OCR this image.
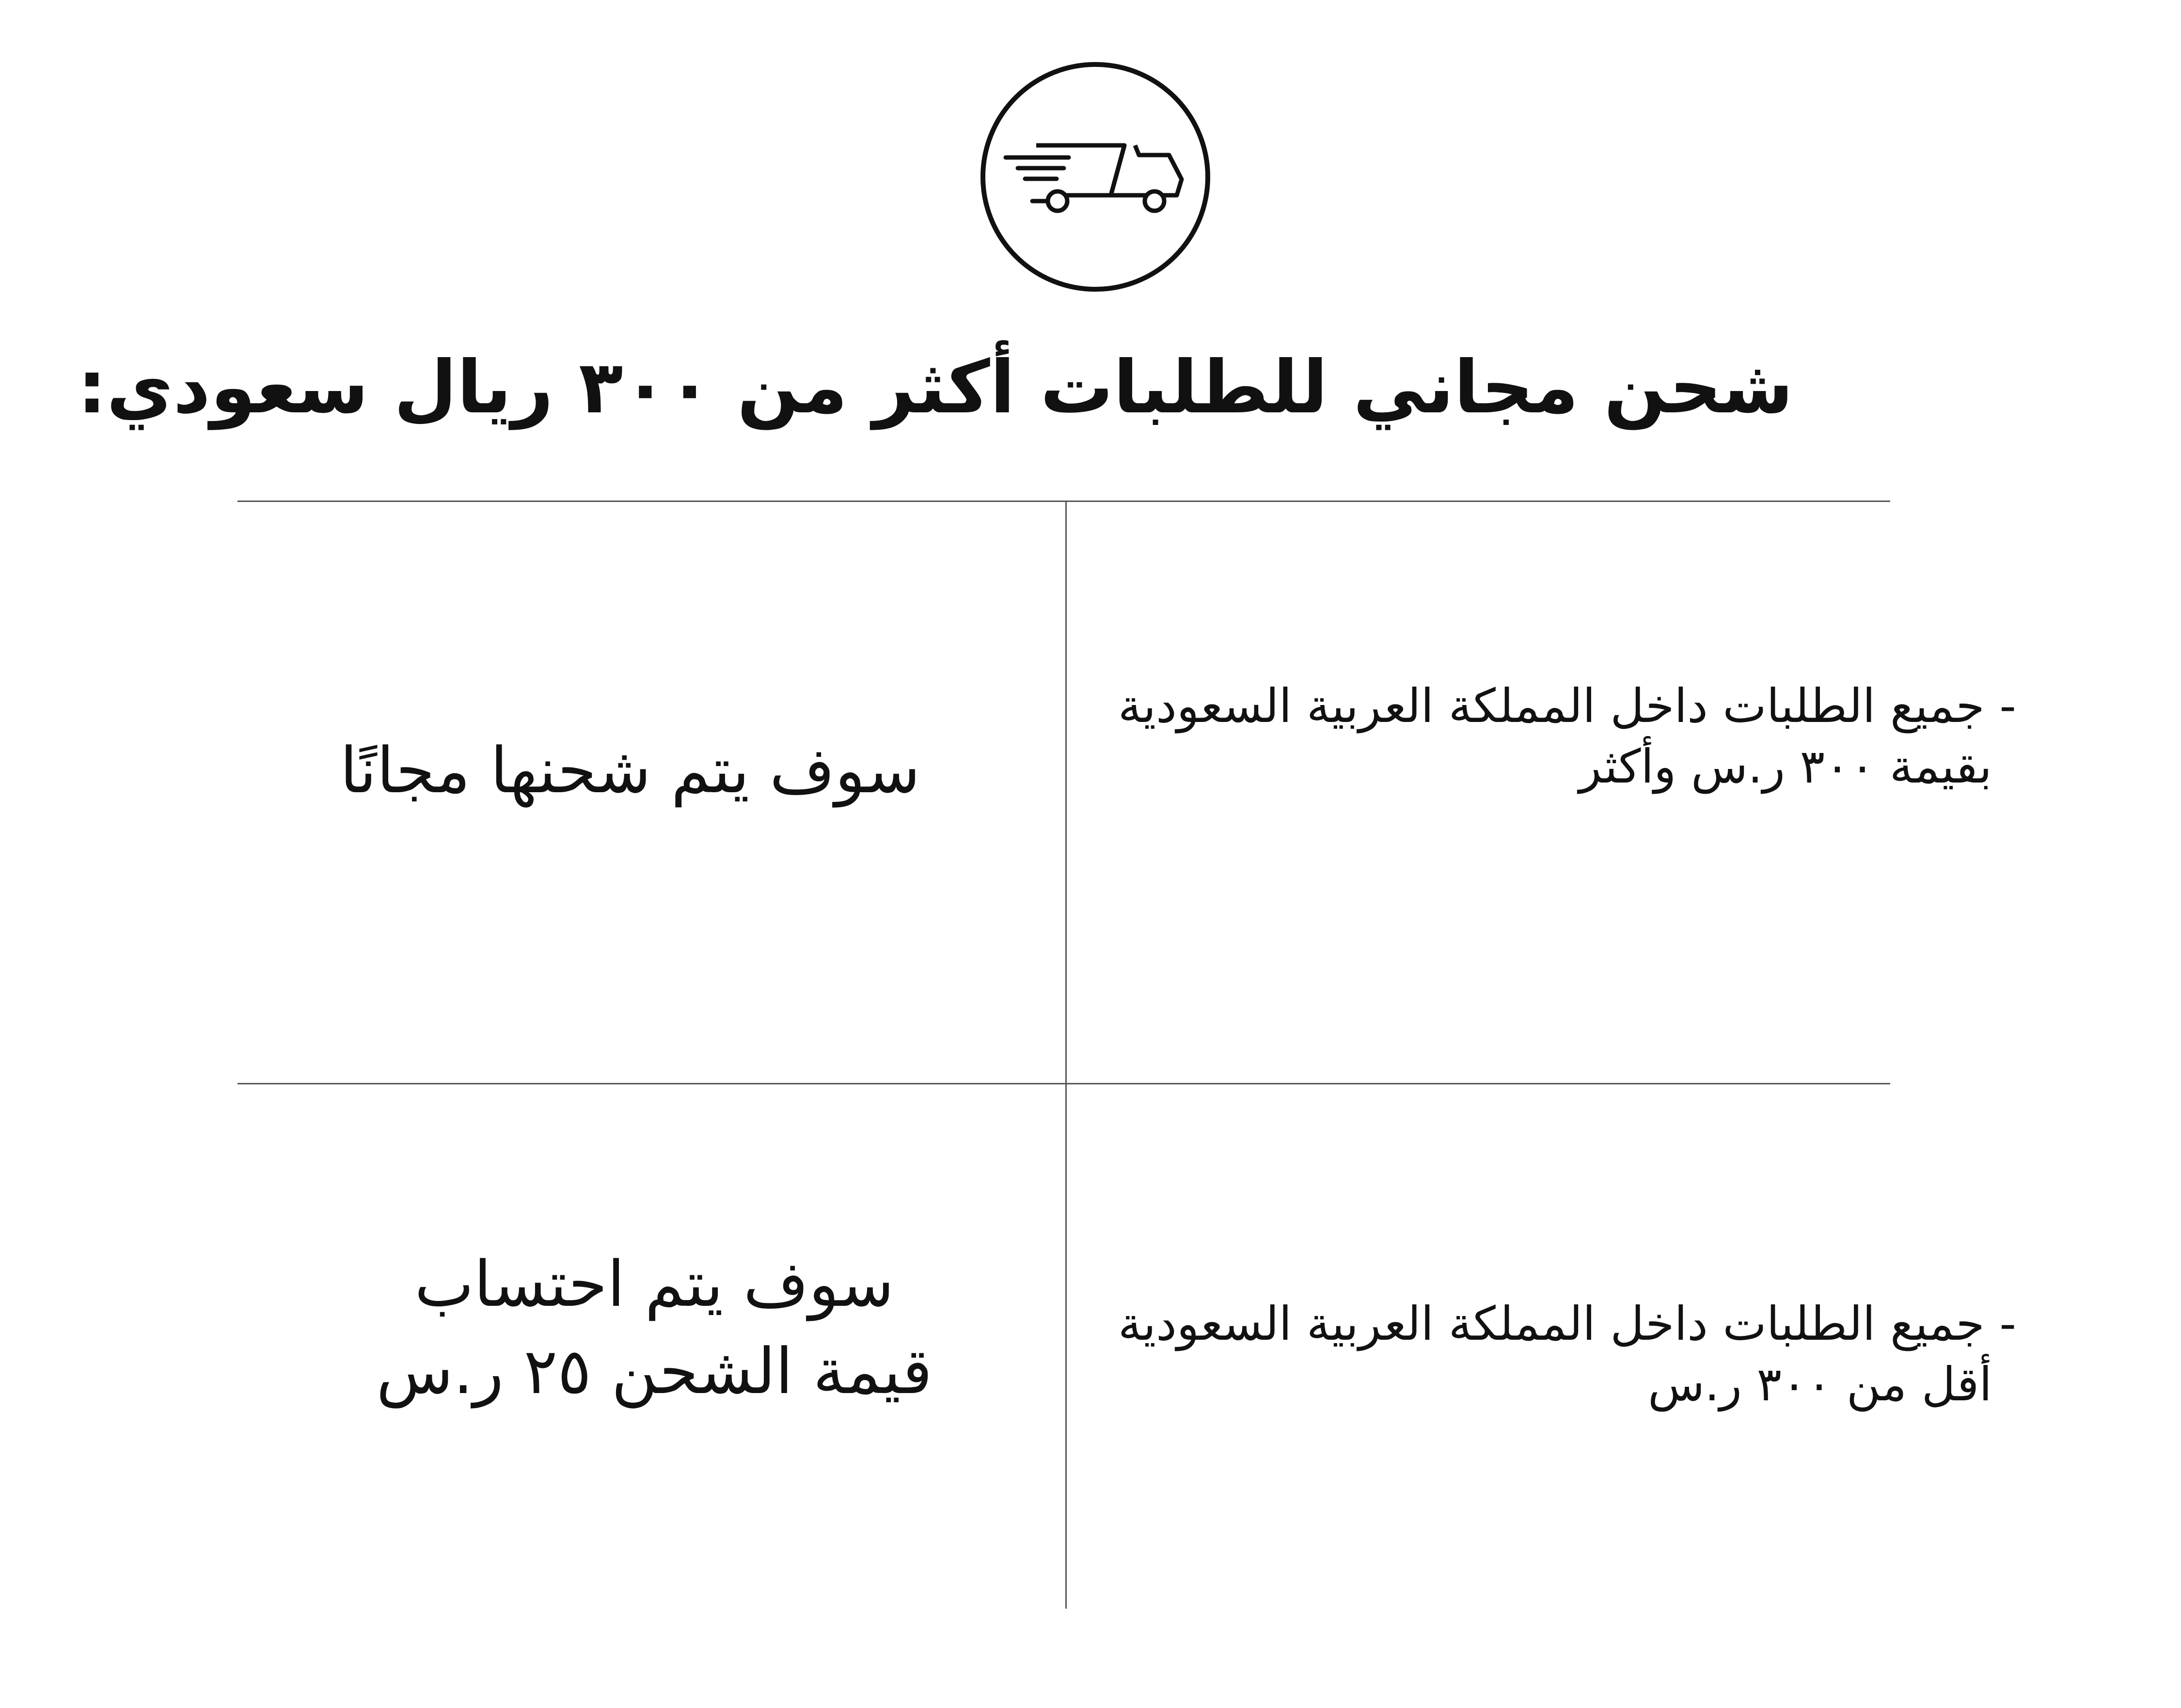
شحن مجاني للطلبات أكثر من ٣٠٠ ريال سعودي:
- جميع الطلبات داخل المملكة العربية السعودية
بقيمة ٣٠٠ ر.س وأكثر
سوف يتم شحنها مجانًا
- جميع الطلبات داخل المملكة العربية السعودية
أقل من ٣٠٠ ر.س
سوف يتم احتساب
قيمة الشحن ٢٥ ر.س
